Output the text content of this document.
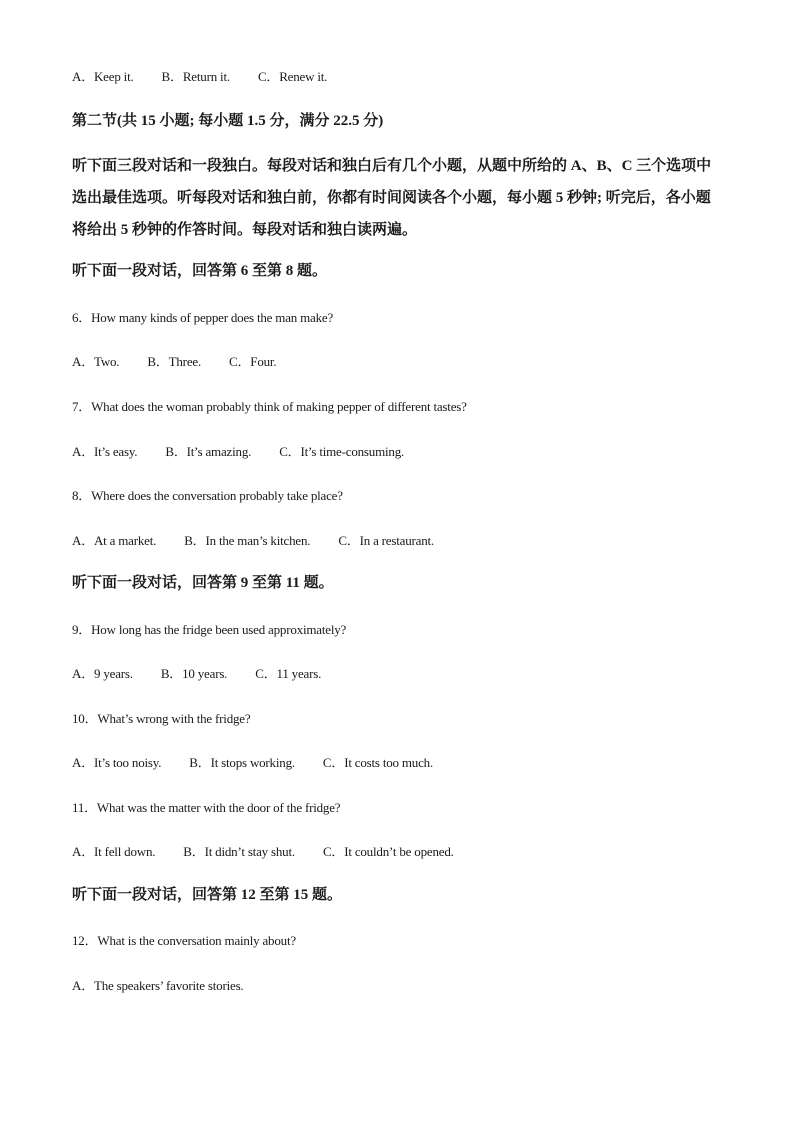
A．Keep it. B．Return it. C．Renew it.
第二节(共 15 小题; 每小题 1.5 分，满分 22.5 分)
听下面三段对话和一段独白。每段对话和独白后有几个小题，从题中所给的 A、B、C 三个选项中选出最佳选项。听每段对话和独白前，你都有时间阅读各个小题，每小题 5 秒钟; 听完后，各小题将给出 5 秒钟的作答时间。每段对话和独白读两遍。
听下面一段对话，回答第 6 至第 8 题。
6．How many kinds of pepper does the man make?
A．Two. B．Three. C．Four.
7．What does the woman probably think of making pepper of different tastes?
A．It’s easy. B．It’s amazing. C．It’s time-consuming.
8．Where does the conversation probably take place?
A．At a market. B．In the man’s kitchen. C．In a restaurant.
听下面一段对话，回答第 9 至第 11 题。
9．How long has the fridge been used approximately?
A．9 years. B．10 years. C．11 years.
10．What’s wrong with the fridge?
A．It’s too noisy. B．It stops working. C．It costs too much.
11．What was the matter with the door of the fridge?
A．It fell down. B．It didn’t stay shut. C．It couldn’t be opened.
听下面一段对话，回答第 12 至第 15 题。
12．What is the conversation mainly about?
A．The speakers’ favorite stories.
